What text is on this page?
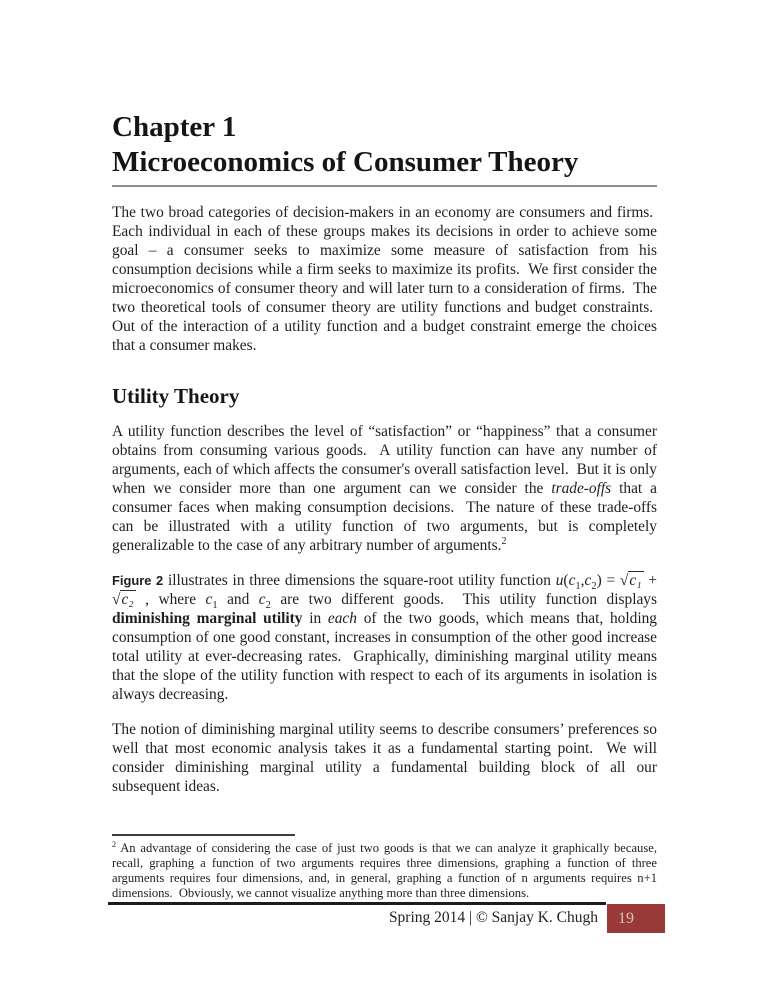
Chapter 1
Microeconomics of Consumer Theory

The two broad categories of decision-makers in an economy are consumers and firms.  Each individual in each of these groups makes its decisions in order to achieve some goal – a consumer seeks to maximize some measure of satisfaction from his consumption decisions while a firm seeks to maximize its profits.  We first consider the microeconomics of consumer theory and will later turn to a consideration of firms.  The two theoretical tools of consumer theory are utility functions and budget constraints.  Out of the interaction of a utility function and a budget constraint emerge the choices that a consumer makes.

Utility Theory

A utility function describes the level of “satisfaction” or “happiness” that a consumer obtains from consuming various goods.  A utility function can have any number of arguments, each of which affects the consumer's overall satisfaction level.  But it is only when we consider more than one argument can we consider the trade-offs that a consumer faces when making consumption decisions.  The nature of these trade-offs can be illustrated with a utility function of two arguments, but is completely generalizable to the case of any arbitrary number of arguments.$^2$

Figure 2 illustrates in three dimensions the square-root utility function $u(c_1,c_2) = √c_1 + √c_2$ , where $c_1$ and $c_2$ are two different goods.  This utility function displays diminishing marginal utility in each of the two goods, which means that, holding consumption of one good constant, increases in consumption of the other good increase total utility at ever-decreasing rates.  Graphically, diminishing marginal utility means that the slope of the utility function with respect to each of its arguments in isolation is always decreasing.

The notion of diminishing marginal utility seems to describe consumers’ preferences so well that most economic analysis takes it as a fundamental starting point.  We will consider diminishing marginal utility a fundamental building block of all our subsequent ideas.

$^2$ An advantage of considering the case of just two goods is that we can analyze it graphically because, recall, graphing a function of two arguments requires three dimensions, graphing a function of three arguments requires four dimensions, and, in general, graphing a function of n arguments requires n+1 dimensions.  Obviously, we cannot visualize anything more than three dimensions.

Spring 2014 | © Sanjay K. Chugh	19
